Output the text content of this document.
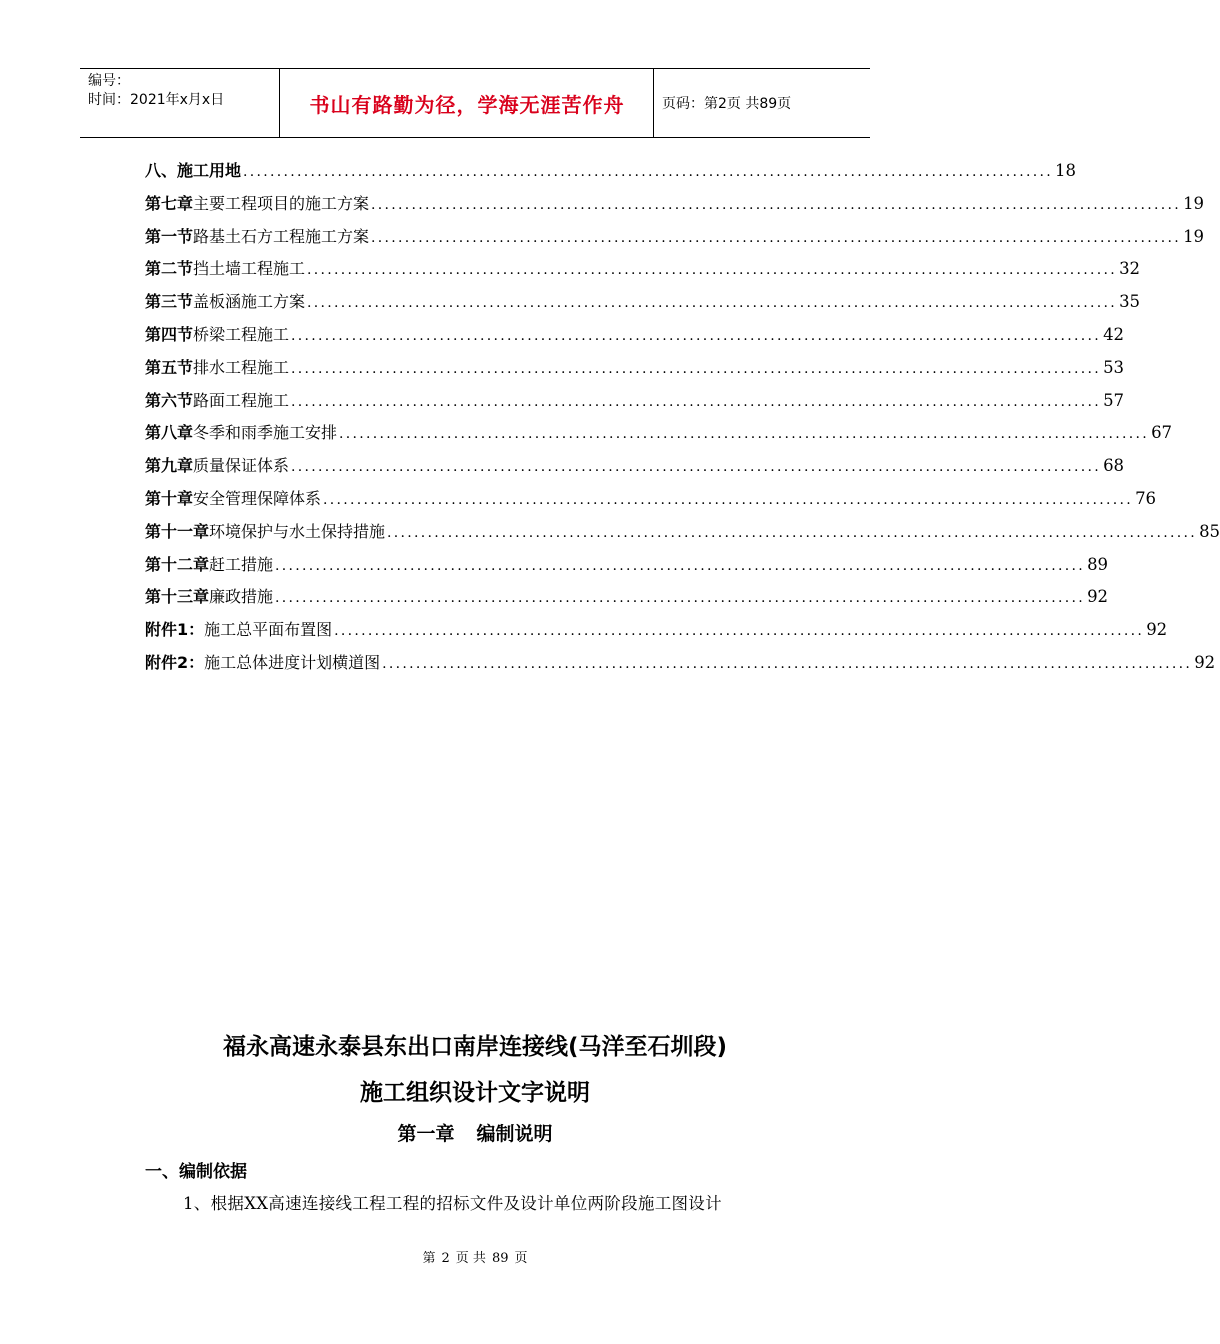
编号：
时间：2021年x月x日	书山有路勤为径，学海无涯苦作舟	页码：第2页 共89页
八、施工用地 ........................................................................................................................ 18
第七章 主要工程项目的施工方案 ........................................................................................................................ 19
第一节 路基土石方工程施工方案 ........................................................................................................................ 19
第二节 挡土墙工程施工 ........................................................................................................................ 32
第三节 盖板涵施工方案 ........................................................................................................................ 35
第四节 桥梁工程施工 ........................................................................................................................ 42
第五节 排水工程施工 ........................................................................................................................ 53
第六节 路面工程施工 ........................................................................................................................ 57
第八章 冬季和雨季施工安排 ........................................................................................................................ 67
第九章 质量保证体系 ........................................................................................................................ 68
第十章 安全管理保障体系 ........................................................................................................................ 76
第十一章 环境保护与水土保持措施 ........................................................................................................................ 85
第十二章 赶工措施 ........................................................................................................................ 89
第十三章 廉政措施 ........................................................................................................................ 92
附件1： 施工总平面布置图 ........................................................................................................................ 92
附件2： 施工总体进度计划横道图 ........................................................................................................................ 92
福永高速永泰县东出口南岸连接线(马洋至石圳段)
施工组织设计文字说明
第一章 编制说明
一、编制依据
1、根据XX高速连接线工程工程的招标文件及设计单位两阶段施工图设计
第 2 页 共 89 页
